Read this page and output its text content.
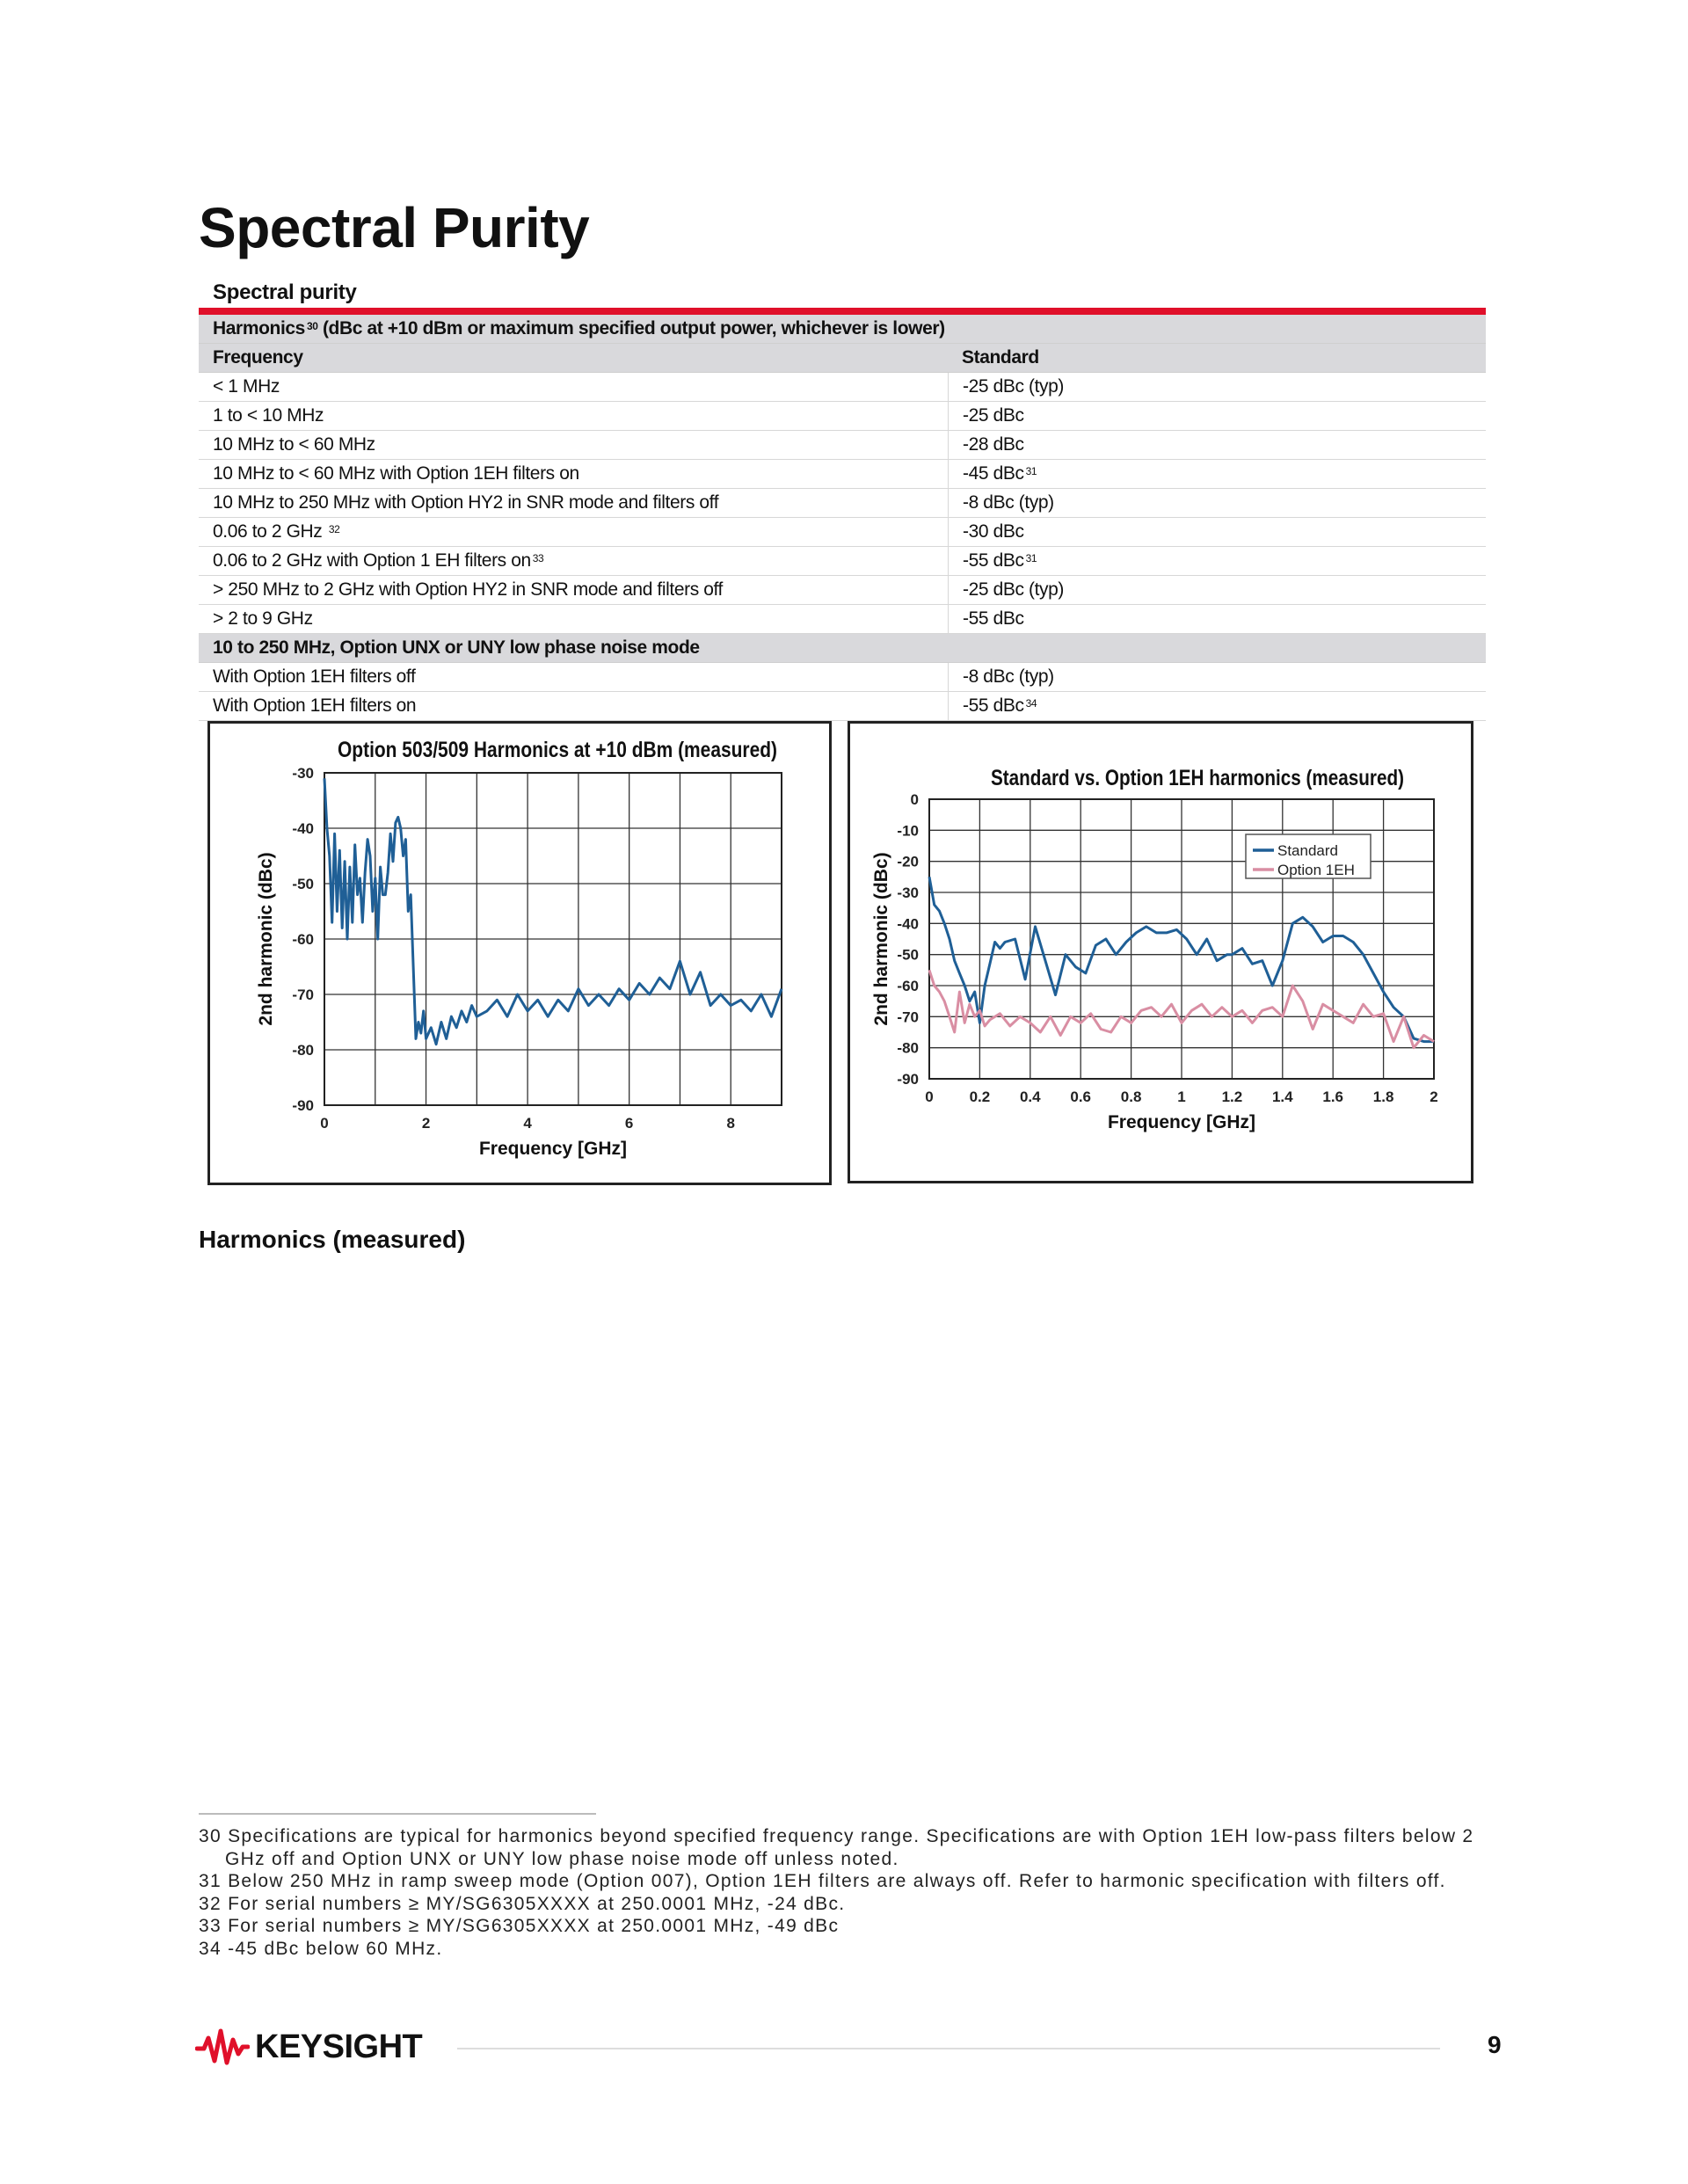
Spectral Purity
Spectral purity
Harmonics $^{30}$ (dBc at +10 dBm or maximum specified output power, whichever is lower)
Frequency	Standard
< 1 MHz	-25 dBc (typ)
1 to < 10 MHz	-25 dBc
10 MHz to < 60 MHz	-28 dBc
10 MHz to < 60 MHz with Option 1EH filters on	-45 dBc $^{31}$
10 MHz to 250 MHz with Option HY2 in SNR mode and filters off	-8 dBc (typ)
0.06 to 2 GHz $^{32}$	-30 dBc
0.06 to 2 GHz with Option 1 EH filters on $^{33}$	-55 dBc $^{31}$
> 250 MHz to 2 GHz with Option HY2 in SNR mode and filters off	-25 dBc (typ)
> 2 to 9 GHz	-55 dBc
10 to 250 MHz, Option UNX or UNY low phase noise mode
With Option 1EH filters off	-8 dBc (typ)
With Option 1EH filters on	-55 dBc $^{34}$
Option 503/509 Harmonics at +10 dBm (measured)
Frequency [GHz]
2nd harmonic (dBc)
0	2	4	6	8
-30
-40
-50
-60
-70
-80
-90
Standard vs. Option 1EH harmonics (measured)
Frequency [GHz]
2nd harmonic (dBc)
0 0.2 0.4 0.6 0.8 1 1.2 1.4 1.6 1.8 2
0
-10
-20
-30
-40
-50
-60
-70
-80
-90
Standard
Option 1EH

Harmonics (measured)

30 Specifications are typical for harmonics beyond specified frequency range. Specifications are with Option 1EH low-pass filters below 2 GHz off and Option UNX or UNY low phase noise mode off unless noted.
31 Below 250 MHz in ramp sweep mode (Option 007), Option 1EH filters are always off. Refer to harmonic specification with filters off.
32 For serial numbers ≥ MY/SG6305XXXX at 250.0001 MHz, -24 dBc.
33 For serial numbers ≥ MY/SG6305XXXX at 250.0001 MHz, -49 dBc
34 -45 dBc below 60 MHz.
KEYSIGHT	9
